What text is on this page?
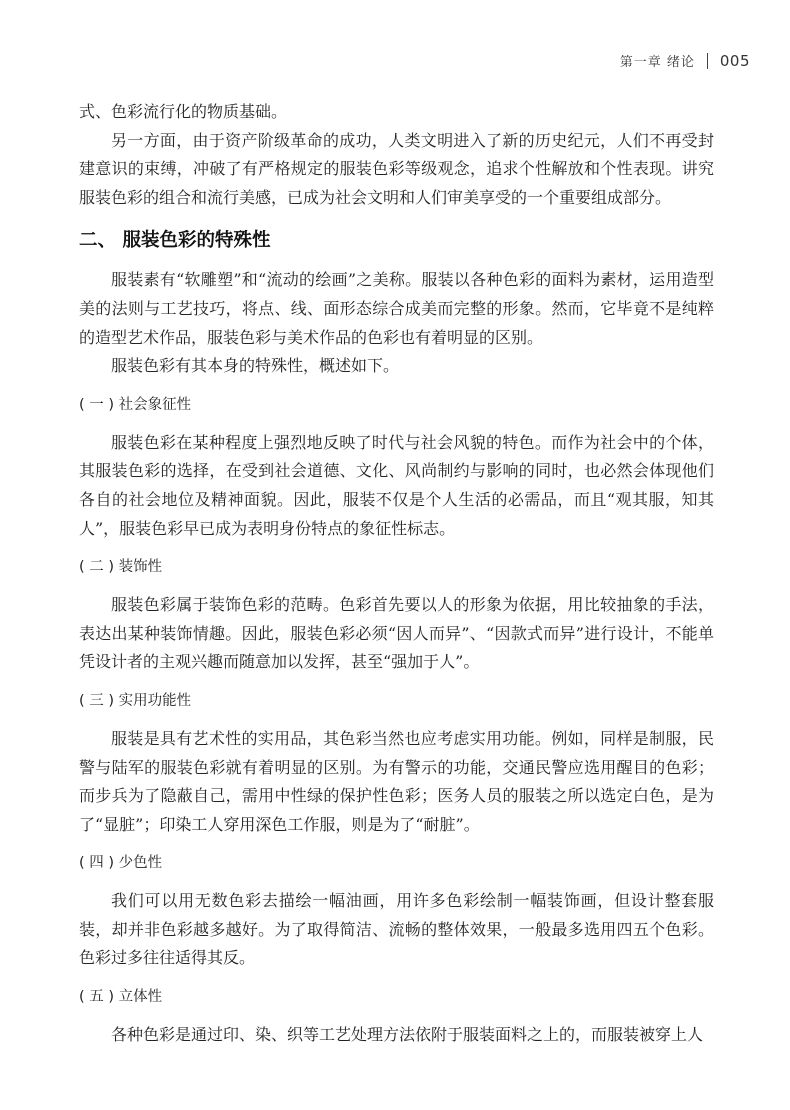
第一章 绪论 005

式、色彩流行化的物质基础。

另一方面，由于资产阶级革命的成功，人类文明进入了新的历史纪元，人们不再受封建意识的束缚，冲破了有严格规定的服装色彩等级观念，追求个性解放和个性表现。讲究服装色彩的组合和流行美感，已成为社会文明和人们审美享受的一个重要组成部分。

二、 服装色彩的特殊性

服装素有“软雕塑”和“流动的绘画”之美称。服装以各种色彩的面料为素材，运用造型美的法则与工艺技巧，将点、线、面形态综合成美而完整的形象。然而，它毕竟不是纯粹的造型艺术作品，服装色彩与美术作品的色彩也有着明显的区别。

服装色彩有其本身的特殊性，概述如下。

( 一 ) 社会象征性

服装色彩在某种程度上强烈地反映了时代与社会风貌的特色。而作为社会中的个体，其服装色彩的选择，在受到社会道德、文化、风尚制约与影响的同时，也必然会体现他们各自的社会地位及精神面貌。因此，服装不仅是个人生活的必需品，而且“观其服，知其人”，服装色彩早已成为表明身份特点的象征性标志。

( 二 ) 装饰性

服装色彩属于装饰色彩的范畴。色彩首先要以人的形象为依据，用比较抽象的手法，表达出某种装饰情趣。因此，服装色彩必须“因人而异”、“因款式而异”进行设计，不能单凭设计者的主观兴趣而随意加以发挥，甚至“强加于人”。

( 三 ) 实用功能性

服装是具有艺术性的实用品，其色彩当然也应考虑实用功能。例如，同样是制服，民警与陆军的服装色彩就有着明显的区别。为有警示的功能，交通民警应选用醒目的色彩；而步兵为了隐蔽自己，需用中性绿的保护性色彩；医务人员的服装之所以选定白色，是为了“显脏”；印染工人穿用深色工作服，则是为了“耐脏”。

( 四 ) 少色性

我们可以用无数色彩去描绘一幅油画，用许多色彩绘制一幅装饰画，但设计整套服装，却并非色彩越多越好。为了取得简洁、流畅的整体效果，一般最多选用四五个色彩。色彩过多往往适得其反。

( 五 ) 立体性

各种色彩是通过印、染、织等工艺处理方法依附于服装面料之上的，而服装被穿上人
